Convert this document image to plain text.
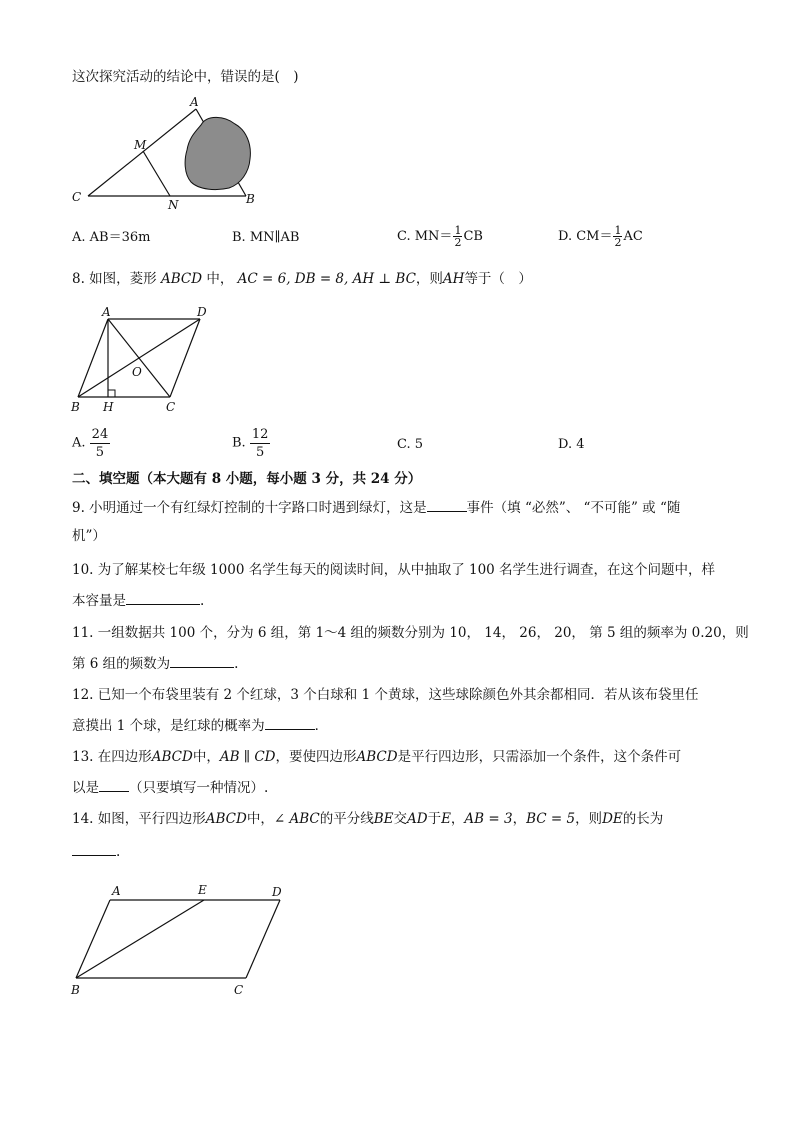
这次探究活动的结论中，错误的是(　)
A
M
C
N	B
A. AB＝36m	B. MN∥AB	C. $MN= \frac{1}{2}$ CB	D. $CM= \frac{1}{2}$ AC
8. 如图，菱形 ABCD 中， AC = 6, DB = 8, AH ⊥ BC，则AH等于（　）
A	D
O
B H	C
A. $\frac{24}{5}$	B. $\frac{12}{5}$	C. 5	D. 4
二、填空题（本大题有 8 小题，每小题 3 分，共 24 分）
9. 小明通过一个有红绿灯控制的十字路口时遇到绿灯，这是	事件（填 “必然”、 “不可能” 或 “随
机”）
10. 为了解某校七年级 1000 名学生每天的阅读时间，从中抽取了 100 名学生进行调查，在这个问题中，样
本容量是	.
11. 一组数据共 100 个，分为 6 组，第 1～4 组的频数分别为 10， 14， 26， 20， 第 5 组的频率为 0.20，则
第 6 组的频数为	.
12. 已知一个布袋里装有 2 个红球，3 个白球和 1 个黄球，这些球除颜色外其余都相同．若从该布袋里任
意摸出 1 个球，是红球的概率为	．
13. 在四边形ABCD中，AB ∥ CD，要使四边形ABCD是平行四边形，只需添加一个条件，这个条件可
以是 （只要填写一种情况）.
14. 如图，平行四边形ABCD中，∠ ABC的平分线BE交AD于E，AB = 3，BC = 5，则DE的长为
.
A	E	D
B	C
